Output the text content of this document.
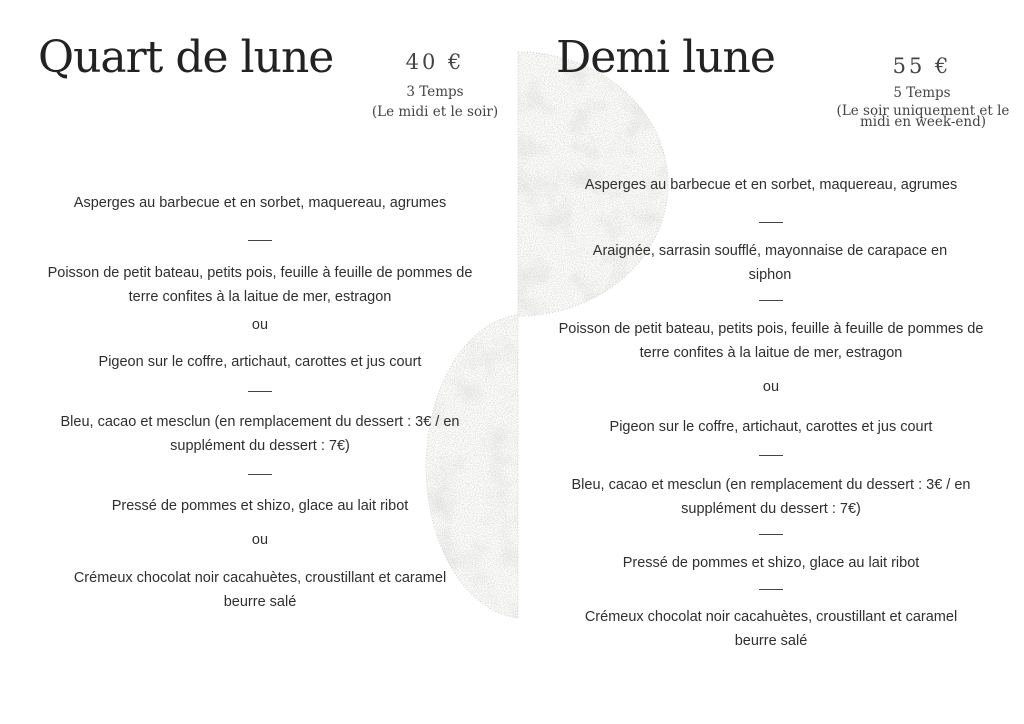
Quart de lune	40 €
3 Temps
(Le midi et le soir)

Asperges au barbecue et en sorbet, maquereau, agrumes

Poisson de petit bateau, petits pois, feuille à feuille de pommes de terre confites à la laitue de mer, estragon

ou

Pigeon sur le coffre, artichaut, carottes et jus court

Bleu, cacao et mesclun (en remplacement du dessert : 3€ / en supplément du dessert : 7€)

Pressé de pommes et shizo, glace au lait ribot

ou

Crémeux chocolat noir cacahuètes, croustillant et caramel beurre salé

Demi lune	55 €
5 Temps
(Le soir uniquement et le midi en week-end)

Asperges au barbecue et en sorbet, maquereau, agrumes

Araignée, sarrasin soufflé, mayonnaise de carapace en siphon

Poisson de petit bateau, petits pois, feuille à feuille de pommes de terre confites à la laitue de mer, estragon

ou

Pigeon sur le coffre, artichaut, carottes et jus court

Bleu, cacao et mesclun (en remplacement du dessert : 3€ / en supplément du dessert : 7€)

Pressé de pommes et shizo, glace au lait ribot

Crémeux chocolat noir cacahuètes, croustillant et caramel beurre salé
